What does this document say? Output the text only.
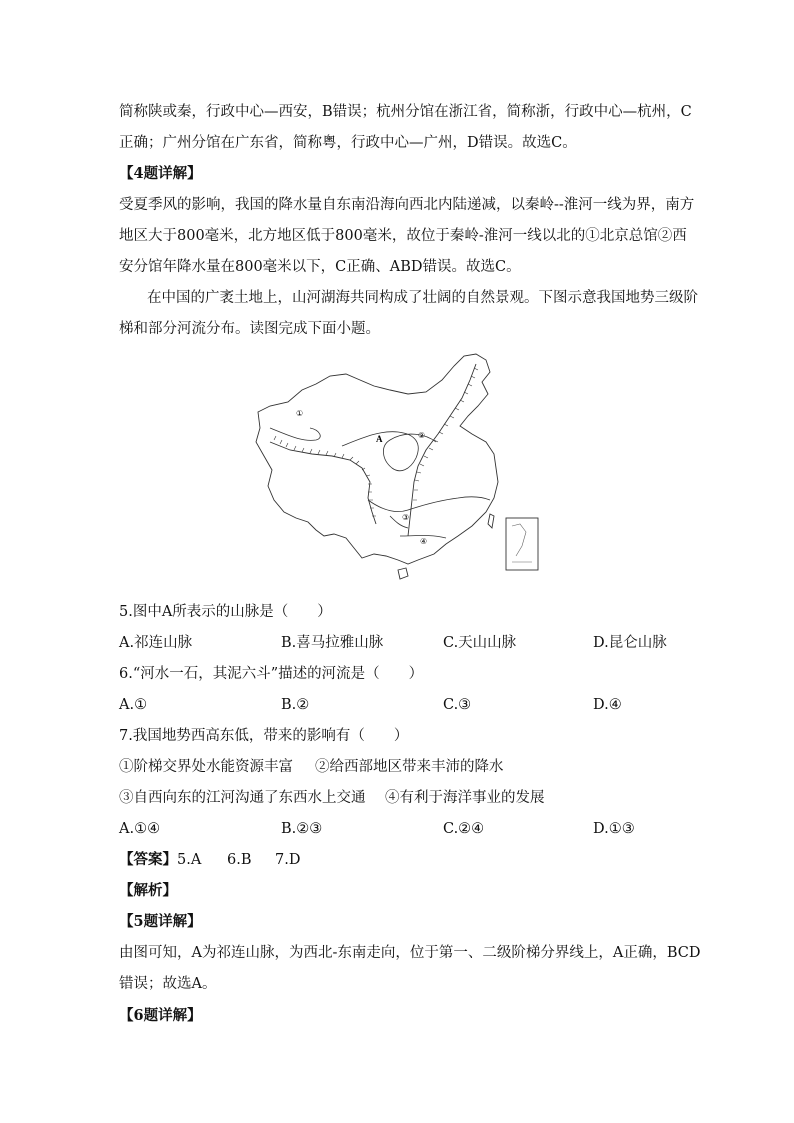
简称陕或秦，行政中心—西安，B错误；杭州分馆在浙江省，简称浙，行政中心—杭州，C
正确；广州分馆在广东省，简称粤，行政中心—广州，D错误。故选C。
【4题详解】
受夏季风的影响，我国的降水量自东南沿海向西北内陆递减，以秦岭--淮河一线为界，南方
地区大于800毫米，北方地区低于800毫米，故位于秦岭-淮河一线以北的①北京总馆②西
安分馆年降水量在800毫米以下，C正确、ABD错误。故选C。
在中国的广袤土地上，山河湖海共同构成了壮阔的自然景观。下图示意我国地势三级阶
梯和部分河流分布。读图完成下面小题。
A
①
②
③
④
5.图中A所表示的山脉是（　　）
A.祁连山脉	B.喜马拉雅山脉	C.天山山脉	D.昆仑山脉
6.“河水一石，其泥六斗”描述的河流是（　　）
A.①	B.②	C.③	D.④
7.我国地势西高东低，带来的影响有（　　）
①阶梯交界处水能资源丰富 ②给西部地区带来丰沛的降水
③自西向东的江河沟通了东西水上交通 ④有利于海洋事业的发展
A.①④	B.②③	C.②④	D.①③
【答案】 5.A 6.B 7.D
【解析】
【5题详解】
由图可知，A为祁连山脉，为西北-东南走向，位于第一、二级阶梯分界线上，A正确，BCD
错误；故选A。
【6题详解】
